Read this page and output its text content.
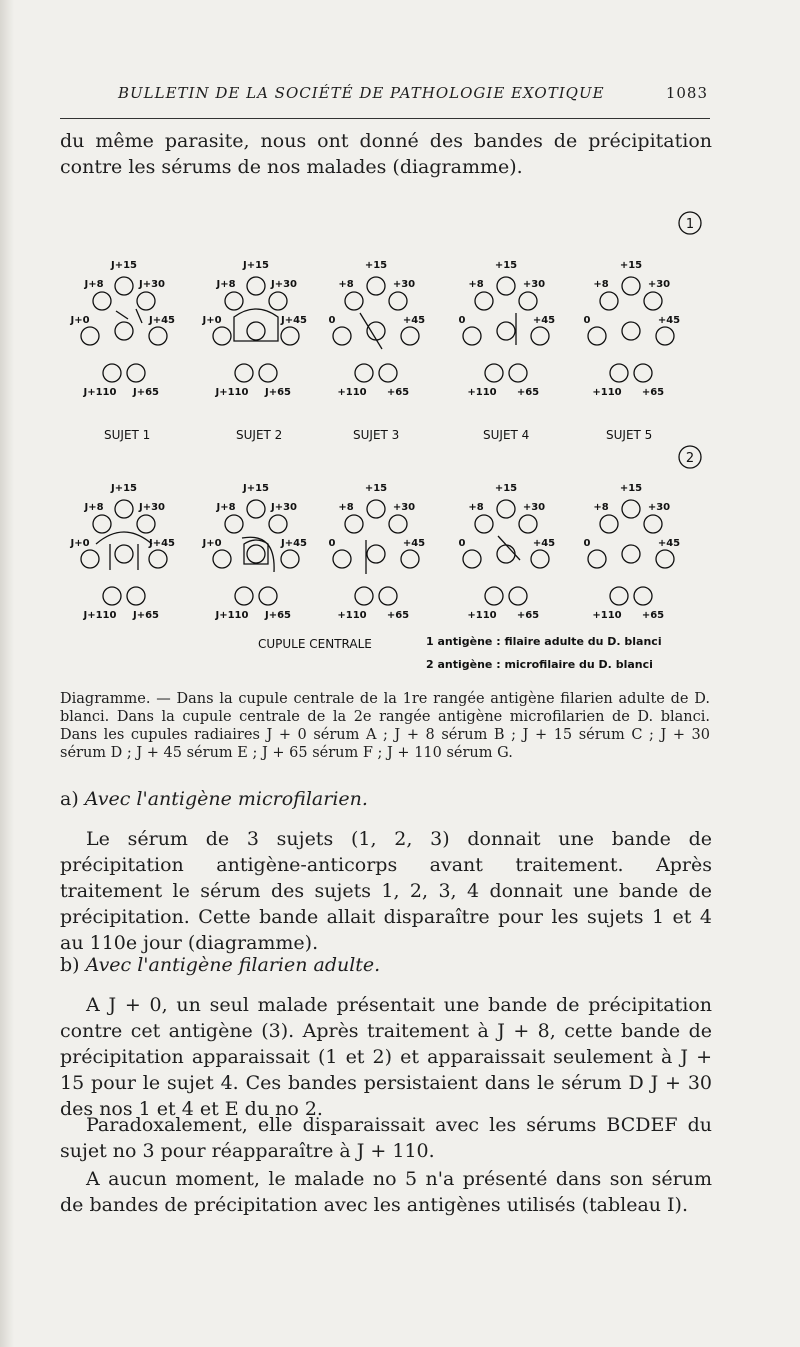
BULLETIN DE LA SOCIÉTÉ DE PATHOLOGIE EXOTIQUE	1083
du même parasite, nous ont donné des bandes de précipitation contre les sérums de nos malades (diagramme).
1
2
J+8
J+15
J+30
J+45
J+65
J+110
J+0
J+8
J+15
J+30
J+45
J+65
J+110
J+0
+8
+15
+30
+45
+65
+110
0
+8
+15
+30
+45
+65
+110
0
+8
+15
+30
+45
+65
+110
0
J+8
J+15
J+30
J+45
J+65
J+110
J+0
J+8
J+15
J+30
J+45
J+65
J+110
J+0
+8
+15
+30
+45
+65
+110
0
+8
+15
+30
+45
+65
+110
0
+8
+15
+30
+45
+65
+110
0
SUJET 1	SUJET 2	SUJET 3	SUJET 4	SUJET 5
CUPULE CENTRALE	1 antigène : filaire adulte du D. blanci
2 antigène : microfilaire du D. blanci
Diagramme. — Dans la cupule centrale de la 1re rangée antigène filarien adulte de D. blanci. Dans la cupule centrale de la 2e rangée antigène microfilarien de D. blanci. Dans les cupules radiaires J + 0 sérum A ; J + 8 sérum B ; J + 15 sérum C ; J + 30 sérum D ; J + 45 sérum E ; J + 65 sérum F ; J + 110 sérum G.
a) Avec l'antigène microfilarien.
Le sérum de 3 sujets (1, 2, 3) donnait une bande de précipitation antigène-anticorps avant traitement. Après traitement le sérum des sujets 1, 2, 3, 4 donnait une bande de précipitation. Cette bande allait disparaître pour les sujets 1 et 4 au 110e jour (diagramme).
b) Avec l'antigène filarien adulte.
A J + 0, un seul malade présentait une bande de précipitation contre cet antigène (3). Après traitement à J + 8, cette bande de précipitation apparaissait (1 et 2) et apparaissait seulement à J + 15 pour le sujet 4. Ces bandes persistaient dans le sérum D J + 30 des nos 1 et 4 et E du no 2.
Paradoxalement, elle disparaissait avec les sérums BCDEF du sujet no 3 pour réapparaître à J + 110.
A aucun moment, le malade no 5 n'a présenté dans son sérum de bandes de précipitation avec les antigènes utilisés (tableau I).
